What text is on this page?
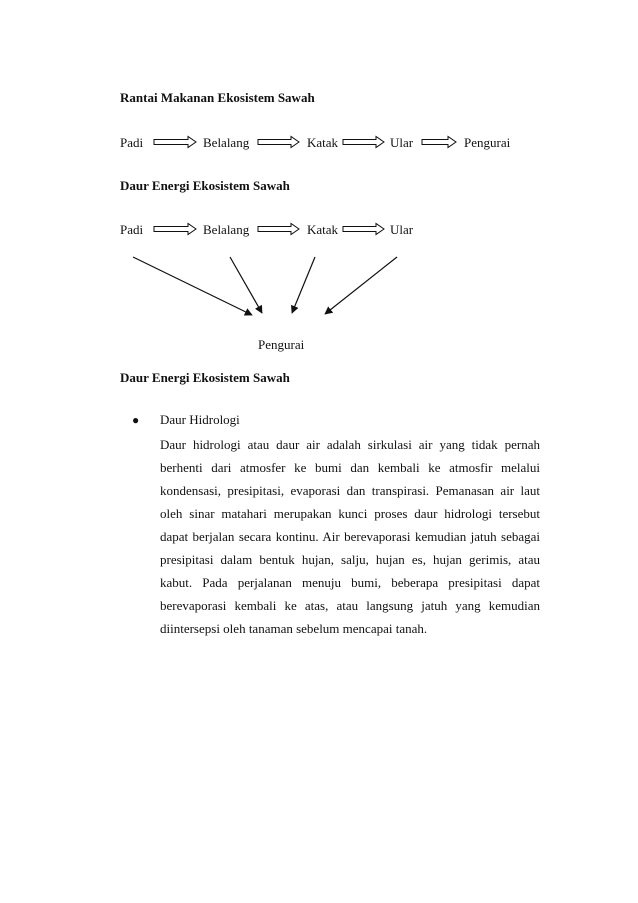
Rantai Makanan Ekosistem Sawah
Padi	Belalang	Katak	Ular	Pengurai
Daur Energi Ekosistem Sawah
Padi	Belalang	Katak	Ular
Pengurai
Daur Energi Ekosistem Sawah
● Daur Hidrologi
Daur hidrologi atau daur air adalah sirkulasi air yang tidak pernah berhenti dari atmosfer ke bumi dan kembali ke atmosfir melalui kondensasi, presipitasi, evaporasi dan transpirasi. Pemanasan air laut oleh sinar matahari merupakan kunci proses daur hidrologi tersebut dapat berjalan secara kontinu. Air berevaporasi kemudian jatuh sebagai presipitasi dalam bentuk hujan, salju, hujan es, hujan gerimis, atau kabut. Pada perjalanan menuju bumi, beberapa presipitasi dapat berevaporasi kembali ke atas, atau langsung jatuh yang kemudian diintersepsi oleh tanaman sebelum mencapai tanah.
